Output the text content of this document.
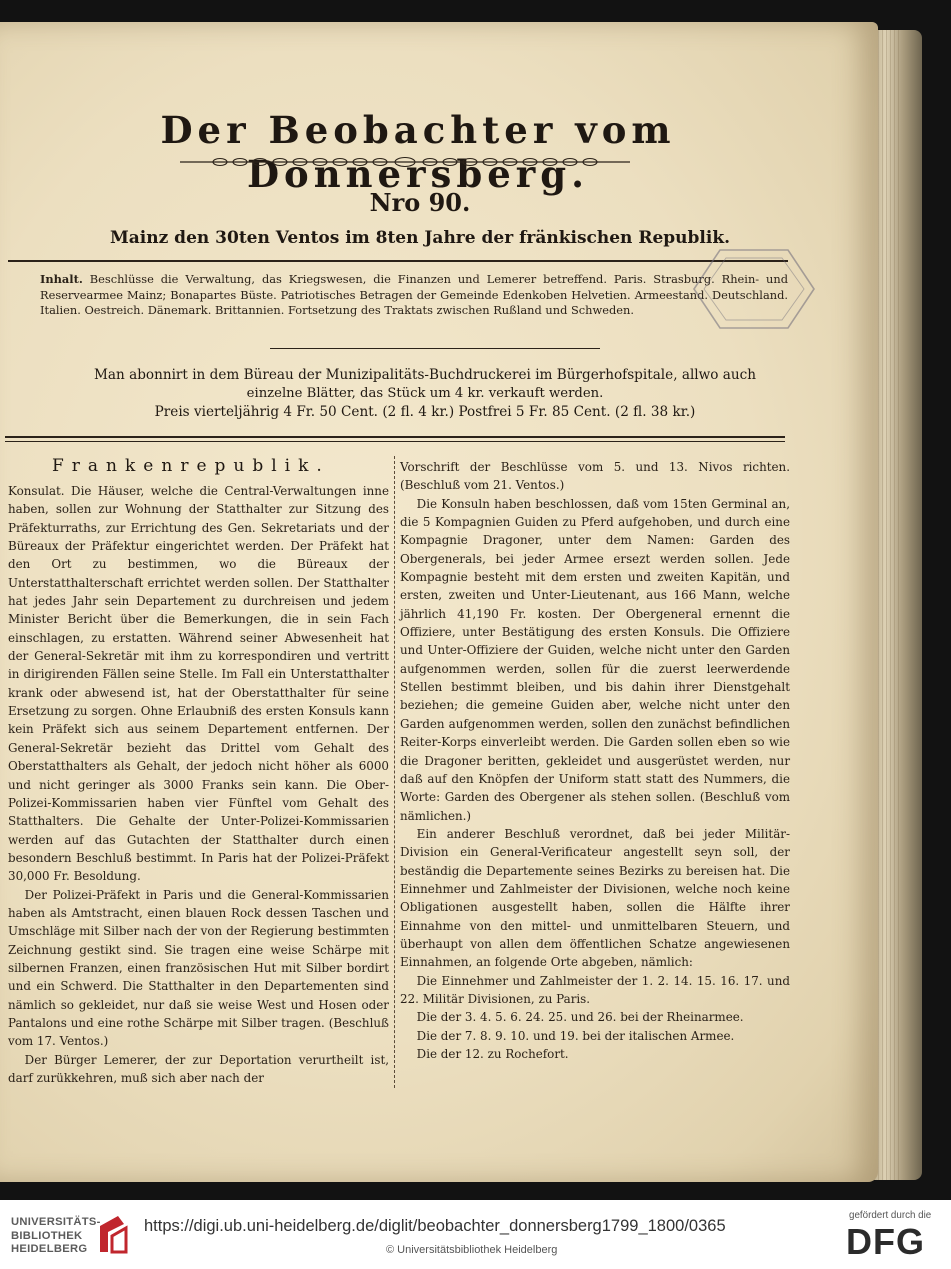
Der Beobachter vom Donnersberg.
Nro 90.
Mainz den 30ten Ventos im 8ten Jahre der fränkischen Republik.
Inhalt. Beschlüsse die Verwaltung, das Kriegswesen, die Finanzen und Lemerer betreffend. Paris. Strasburg. Rhein- und Reservearmee Mainz; Bonapartes Büste. Patriotisches Betragen der Gemeinde Edenkoben Helvetien. Armeestand. Deutschland. Italien. Oestreich. Dänemark. Brittannien. Fortsetzung des Traktats zwischen Rußland und Schweden.
Man abonnirt in dem Büreau der Munizipalitäts-Buchdruckerei im Bürgerhofspitale, allwo auch
einzelne Blätter, das Stück um 4 kr. verkauft werden.
Preis vierteljährig 4 Fr. 50 Cent. (2 fl. 4 kr.) Postfrei 5 Fr. 85 Cent. (2 fl. 38 kr.)
Frankenrepublik.

Konsulat. Die Häuser, welche die Central-Verwaltungen inne haben, sollen zur Wohnung der Statthalter zur Sitzung des Präfekturraths, zur Errichtung des Gen. Sekretariats und der Büreaux der Präfektur eingerichtet werden. Der Präfekt hat den Ort zu bestimmen, wo die Büreaux der Unterstatthalterschaft errichtet werden sollen. Der Statthalter hat jedes Jahr sein Departement zu durchreisen und jedem Minister Bericht über die Bemerkungen, die in sein Fach einschlagen, zu erstatten. Während seiner Abwesenheit hat der General-Sekretär mit ihm zu korrespondiren und vertritt in dirigirenden Fällen seine Stelle. Im Fall ein Unterstatthalter krank oder abwesend ist, hat der Oberstatthalter für seine Ersetzung zu sorgen. Ohne Erlaubniß des ersten Konsuls kann kein Präfekt sich aus seinem Departement entfernen. Der General-Sekretär bezieht das Drittel vom Gehalt des Oberstatthalters als Gehalt, der jedoch nicht höher als 6000 und nicht geringer als 3000 Franks sein kann. Die Ober-Polizei-Kommissarien haben vier Fünftel vom Gehalt des Statthalters. Die Gehalte der Unter-Polizei-Kommissarien werden auf das Gutachten der Statthalter durch einen besondern Beschluß bestimmt. In Paris hat der Polizei-Präfekt 30,000 Fr. Besoldung.

Der Polizei-Präfekt in Paris und die General-Kommissarien haben als Amtstracht, einen blauen Rock dessen Taschen und Umschläge mit Silber nach der von der Regierung bestimmten Zeichnung gestikt sind. Sie tragen eine weise Schärpe mit silbernen Franzen, einen französischen Hut mit Silber bordirt und ein Schwerd. Die Statthalter in den Departementen sind nämlich so gekleidet, nur daß sie weise West und Hosen oder Pantalons und eine rothe Schärpe mit Silber tragen. (Beschluß vom 17. Ventos.)

Der Bürger Lemerer, der zur Deportation verurtheilt ist, darf zurükkehren, muß sich aber nach der

Vorschrift der Beschlüsse vom 5. und 13. Nivos richten. (Beschluß vom 21. Ventos.)

Die Konsuln haben beschlossen, daß vom 15ten Germinal an, die 5 Kompagnien Guiden zu Pferd aufgehoben, und durch eine Kompagnie Dragoner, unter dem Namen: Garden des Obergenerals, bei jeder Armee ersezt werden sollen. Jede Kompagnie besteht mit dem ersten und zweiten Kapitän, und ersten, zweiten und Unter-Lieutenant, aus 166 Mann, welche jährlich 41,190 Fr. kosten. Der Obergeneral ernennt die Offiziere, unter Bestätigung des ersten Konsuls. Die Offiziere und Unter-Offiziere der Guiden, welche nicht unter den Garden aufgenommen werden, sollen für die zuerst leerwerdende Stellen bestimmt bleiben, und bis dahin ihrer Dienstgehalt beziehen; die gemeine Guiden aber, welche nicht unter den Garden aufgenommen werden, sollen den zunächst befindlichen Reiter-Korps einverleibt werden. Die Garden sollen eben so wie die Dragoner beritten, gekleidet und ausgerüstet werden, nur daß auf den Knöpfen der Uniform statt statt des Nummers, die Worte: Garden des Obergener als stehen sollen. (Beschluß vom nämlichen.)

Ein anderer Beschluß verordnet, daß bei jeder Militär-Division ein General-Verificateur angestellt seyn soll, der beständig die Departemente seines Bezirks zu bereisen hat. Die Einnehmer und Zahlmeister der Divisionen, welche noch keine Obligationen ausgestellt haben, sollen die Hälfte ihrer Einnahme von den mittel- und unmittelbaren Steuern, und überhaupt von allen dem öffentlichen Schatze angewiesenen Einnahmen, an folgende Orte abgeben, nämlich:

Die Einnehmer und Zahlmeister der 1. 2. 14. 15. 16. 17. und 22. Militär Divisionen, zu Paris.

Die der 3. 4. 5. 6. 24. 25. und 26. bei der Rheinarmee.

Die der 7. 8. 9. 10. und 19. bei der italischen Armee.

Die der 12. zu Rochefort.

UNIVERSITÄTS-
BIBLIOTHEK
HEIDELBERG
https://digi.ub.uni-heidelberg.de/diglit/beobachter_donnersberg1799_1800/0365
© Universitätsbibliothek Heidelberg
gefördert durch die
DFG
